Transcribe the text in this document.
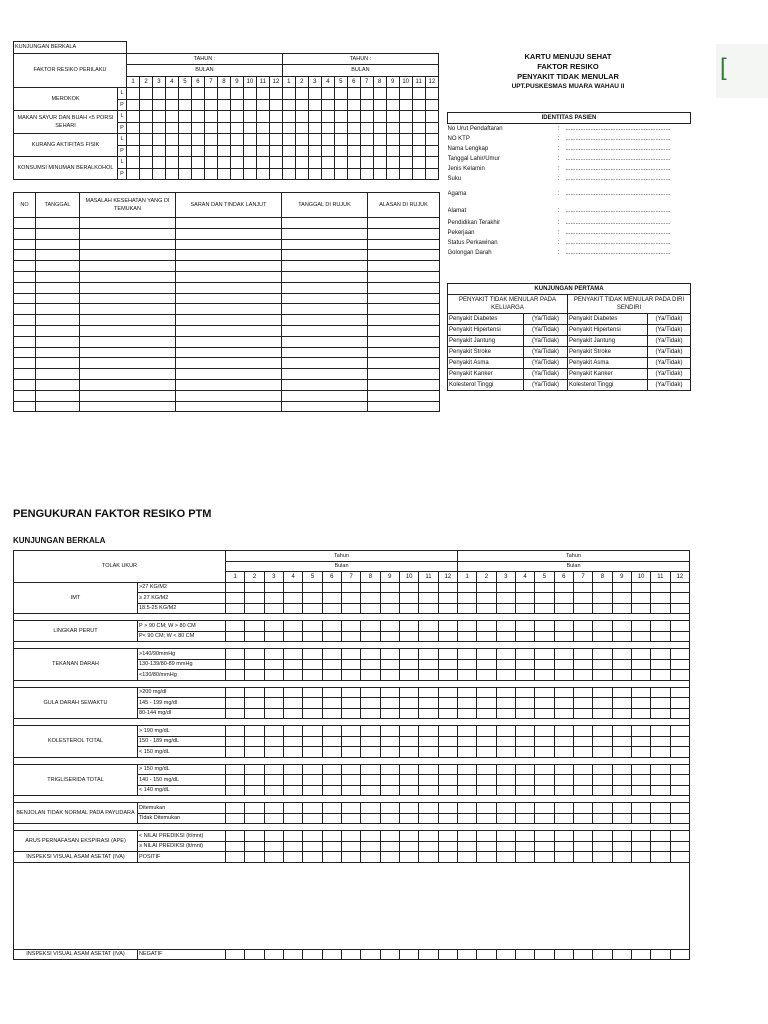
KUNJUNGAN BERKALA																									
FAKTOR RESIKO PERILAKU		TAHUN :												TAHUN :											
		BULAN												BULAN											
		1	2	3	4	5	6	7	8	9	10	11	12	1	2	3	4	5	6	7	8	9	10	11	12
MEROKOK	L																								
	P																								
MAKAN SAYUR DAN BUAH <5 PORSI SEHARI	L																								
	P																								
KURANG AKTIFITAS FISIK	L																								
	P																								
KONSUMSI MINUMAN BERALKOHOL	L																								
	P																								
NO	TANGGAL	MASALAH KESEHATAN YANG DI TEMUKAN	SARAN DAN TINDAK LANJUT	TANGGAL DI RUJUK	ALASAN DI RUJUK

KARTU MENUJU SEHAT
FAKTOR RESIKO
PENYAKIT TIDAK MENULAR
UPT.PUSKESMAS MUARA WAHAU II
IDENTITAS PASIEN		
No Urut Pendaftaran	:	...............................................................
NO KTP	:	...............................................................
Nama Lengkap	:	...............................................................
Tanggal Lahir/Umur	:	...............................................................
Jenis Kelamin	:	...............................................................
Suku	:	...............................................................
Agama	:	...............................................................
Alamat	:	...............................................................
Pendidikan Terakhir	:	...............................................................
Pekerjaan	:	...............................................................
Status Perkawinan	:	...............................................................
Golongan Darah	:	...............................................................
KUNJUNGAN PERTAMA			
PENYAKIT TIDAK MENULAR PADA KELUARGA		PENYAKIT TIDAK MENULAR PADA DIRI SENDIRI	
Penyakit Diabetes	(Ya/Tidak)	Penyakit Diabetes	(Ya/Tidak)
Penyakit Hipertensi	(Ya/Tidak)	Penyakit Hipertensi	(Ya/Tidak)
Penyakit Jantung	(Ya/Tidak)	Penyakit Jantung	(Ya/Tidak)
Penyakit Stroke	(Ya/Tidak)	Penyakit Stroke	(Ya/Tidak)
Penyakit Asma	(Ya/Tidak)	Penyakit Asma	(Ya/Tidak)
Penyakit Kanker	(Ya/Tidak)	Penyakit Kanker	(Ya/Tidak)
Kolesterol Tinggi	(Ya/Tidak)	Kolesterol Tinggi	(Ya/Tidak)
[
PENGUKURAN FAKTOR RESIKO PTM
KUNJUNGAN BERKALA
TOLAK UKUR		Tahun												Tahun											
		Bulan												Bulan											
		1	2	3	4	5	6	7	8	9	10	11	12	1	2	3	4	5	6	7	8	9	10	11	12
IMT	>27 KG/M2																								
	≥ 27 KG/M2																								
	18.5-25 KG/M2																								

LINGKAR PERUT	P > 90 CM; W > 80 CM																								
	P< 90 CM; W < 80 CM																								

TEKANAN DARAH	>140/90mmHg																								
	130-139/80-89 mmHg																								
	<130/80/mmHg																								

GULA DARAH SEWAKTU	>200 mg/dl																								
	145 - 199 mg/dl																								
	80-144 mg/dl																								

KOLESTEROL TOTAL	> 190 mg/dL																								
	150 - 189 mg/dL																								
	< 150 mg/dL																								

TRIGLISERIDA TOTAL	> 150 mg/dL																								
	140 - 150 mg/dL																								
	< 140 mg/dL																								

BENJOLAN TIDAK NORMAL PADA PAYUDARA	Ditemukan																								
	Tidak Ditemukan																								

ARUS PERNAFASAN EKSPIRASI (APE)	< NILAI PREDIKSI (lt/mnt)																								
	≥ NILAI PREDIKSI (lt/mnt)																								
INSPEKSI VISUAL ASAM ASETAT (IVA)	POSITIF																								

INSPEKSI VISUAL ASAM ASETAT (IVA)	NEGATIF																								
